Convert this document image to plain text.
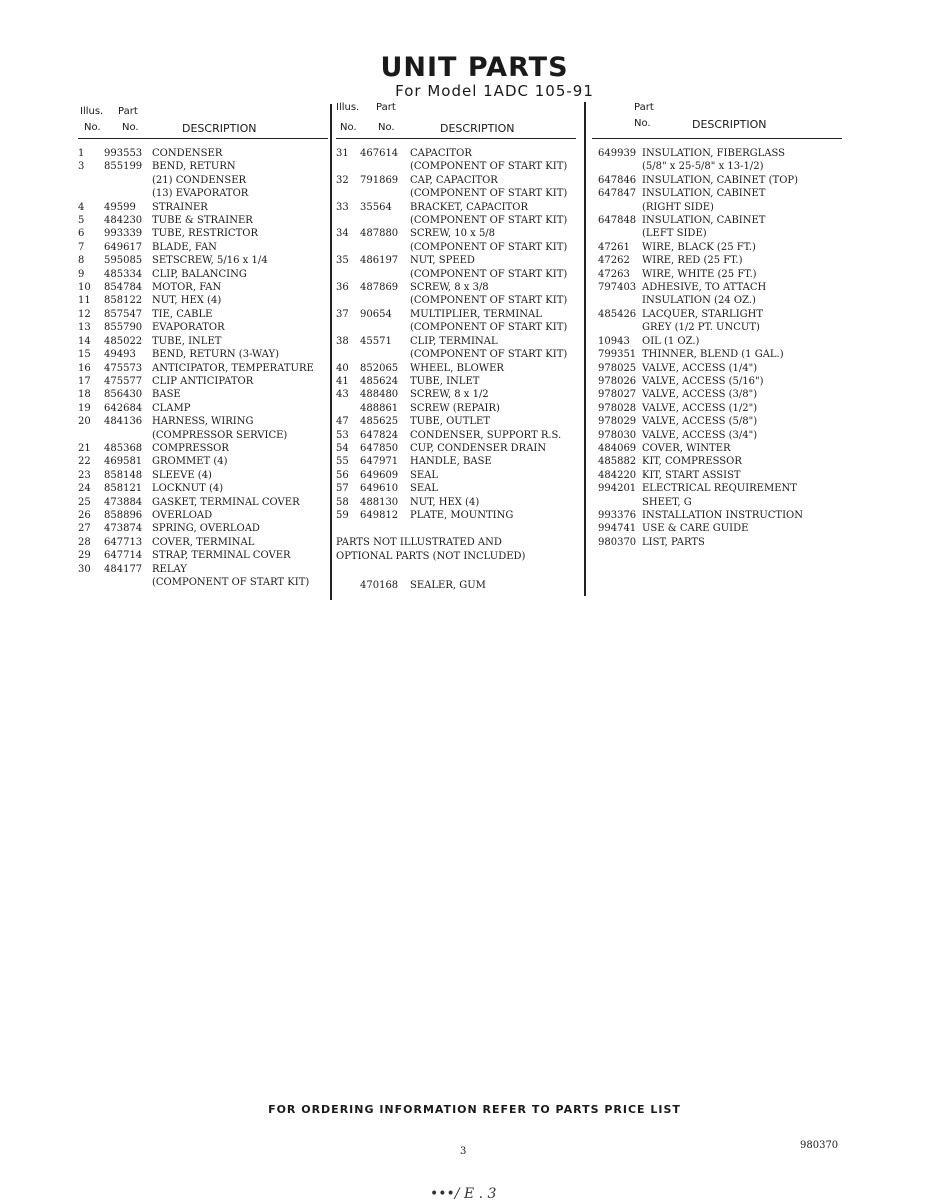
UNIT PARTS
For Model 1ADC 105-91
Illus. Part
No. No.	DESCRIPTION
1	993553 CONDENSER
3	855199 BEND, RETURN
(21) CONDENSER
(13) EVAPORATOR
4	49599	STRAINER
5	484230 TUBE & STRAINER
6	993339 TUBE, RESTRICTOR
7	649617 BLADE, FAN
8	595085 SETSCREW, 5/16 x 1/4
9	485334 CLIP, BALANCING
10	854784 MOTOR, FAN
11	858122 NUT, HEX (4)
12	857547 TIE, CABLE
13	855790 EVAPORATOR
14	485022 TUBE, INLET
15	49493	BEND, RETURN (3-WAY)
16	475573 ANTICIPATOR, TEMPERATURE
17	475577 CLIP ANTICIPATOR
18	856430 BASE
19	642684 CLAMP
20	484136 HARNESS, WIRING
(COMPRESSOR SERVICE)
21	485368 COMPRESSOR
22	469581 GROMMET (4)
23	858148 SLEEVE (4)
24	858121 LOCKNUT (4)
25	473884 GASKET, TERMINAL COVER
26	858896 OVERLOAD
27	473874 SPRING, OVERLOAD
28	647713 COVER, TERMINAL
29	647714 STRAP, TERMINAL COVER
30	484177 RELAY
(COMPONENT OF START KIT)
Illus. Part
No. No.	DESCRIPTION
31	467614	CAPACITOR
(COMPONENT OF START KIT)
32	791869	CAP, CAPACITOR
(COMPONENT OF START KIT)
33	35564	BRACKET, CAPACITOR
(COMPONENT OF START KIT)
34	487880	SCREW, 10 x 5/8
(COMPONENT OF START KIT)
35	486197	NUT, SPEED
(COMPONENT OF START KIT)
36	487869	SCREW, 8 x 3/8
(COMPONENT OF START KIT)
37	90654	MULTIPLIER, TERMINAL
(COMPONENT OF START KIT)
38	45571	CLIP, TERMINAL
(COMPONENT OF START KIT)
40	852065	WHEEL, BLOWER
41	485624	TUBE, INLET
43	488480	SCREW, 8 x 1/2
488861	SCREW (REPAIR)
47	485625	TUBE, OUTLET
53	647824	CONDENSER, SUPPORT R.S.
54	647850	CUP, CONDENSER DRAIN
55	647971	HANDLE, BASE
56	649609	SEAL
57	649610	SEAL
58	488130	NUT, HEX (4)
59	649812	PLATE, MOUNTING
PARTS NOT ILLUSTRATED AND
OPTIONAL PARTS (NOT INCLUDED)
470168	SEALER, GUM
Part
No.	DESCRIPTION
649939 INSULATION, FIBERGLASS
(5/8" x 25-5/8" x 13-1/2)
647846 INSULATION, CABINET (TOP)
647847 INSULATION, CABINET
(RIGHT SIDE)
647848 INSULATION, CABINET
(LEFT SIDE)
47261	WIRE, BLACK (25 FT.)
47262	WIRE, RED (25 FT.)
47263	WIRE, WHITE (25 FT.)
797403 ADHESIVE, TO ATTACH
INSULATION (24 OZ.)
485426 LACQUER, STARLIGHT
GREY (1/2 PT. UNCUT)
10943	OIL (1 OZ.)
799351 THINNER, BLEND (1 GAL.)
978025 VALVE, ACCESS (1/4")
978026 VALVE, ACCESS (5/16")
978027 VALVE, ACCESS (3/8")
978028 VALVE, ACCESS (1/2")
978029 VALVE, ACCESS (5/8")
978030 VALVE, ACCESS (3/4")
484069 COVER, WINTER
485882 KIT, COMPRESSOR
484220 KIT, START ASSIST
994201 ELECTRICAL REQUIREMENT
SHEET, G
993376 INSTALLATION INSTRUCTION
994741 USE & CARE GUIDE
980370 LIST, PARTS
FOR ORDERING INFORMATION REFER TO PARTS PRICE LIST
3
980370
•••/ Ε . 3
